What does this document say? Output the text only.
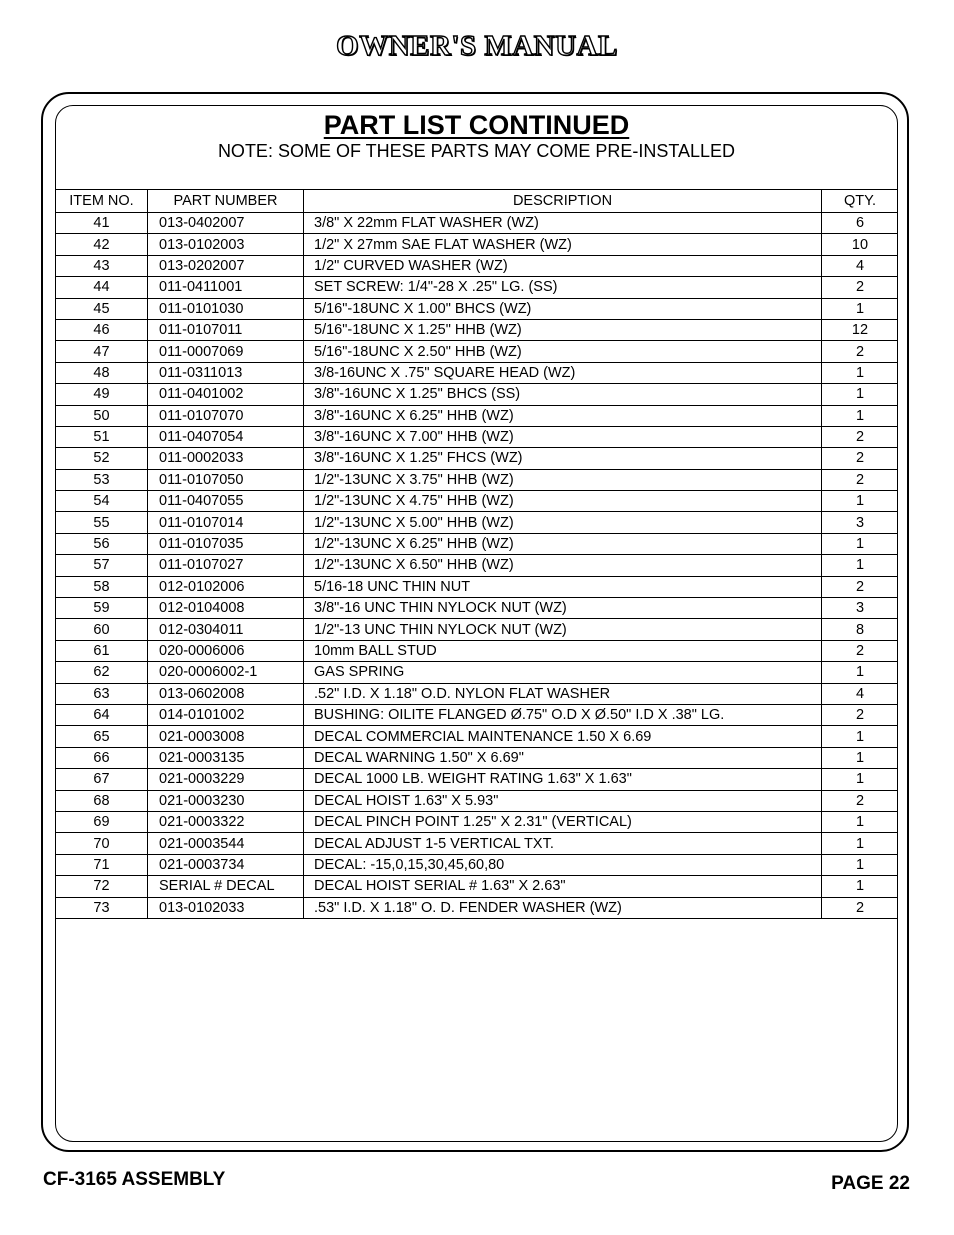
OWNER'S MANUAL
PART LIST CONTINUED
NOTE: SOME OF THESE PARTS MAY COME PRE-INSTALLED
ITEM NO.	PART NUMBER	DESCRIPTION	QTY.
41	013-0402007	3/8" X 22mm FLAT WASHER (WZ)	6
42	013-0102003	1/2" X 27mm SAE FLAT WASHER (WZ)	10
43	013-0202007	1/2" CURVED WASHER (WZ)	4
44	011-0411001	SET SCREW: 1/4"-28 X .25" LG. (SS)	2
45	011-0101030	5/16"-18UNC X 1.00" BHCS (WZ)	1
46	011-0107011	5/16"-18UNC X 1.25" HHB (WZ)	12
47	011-0007069	5/16"-18UNC X 2.50" HHB (WZ)	2
48	011-0311013	3/8-16UNC X .75" SQUARE HEAD (WZ)	1
49	011-0401002	3/8"-16UNC X 1.25" BHCS (SS)	1
50	011-0107070	3/8"-16UNC X 6.25" HHB (WZ)	1
51	011-0407054	3/8"-16UNC X 7.00" HHB (WZ)	2
52	011-0002033	3/8"-16UNC X 1.25" FHCS (WZ)	2
53	011-0107050	1/2"-13UNC X 3.75" HHB (WZ)	2
54	011-0407055	1/2"-13UNC X 4.75" HHB (WZ)	1
55	011-0107014	1/2"-13UNC X 5.00" HHB (WZ)	3
56	011-0107035	1/2"-13UNC X 6.25" HHB (WZ)	1
57	011-0107027	1/2"-13UNC X 6.50" HHB (WZ)	1
58	012-0102006	5/16-18 UNC THIN NUT	2
59	012-0104008	3/8"-16 UNC THIN NYLOCK NUT (WZ)	3
60	012-0304011	1/2"-13 UNC THIN NYLOCK NUT (WZ)	8
61	020-0006006	10mm BALL STUD	2
62	020-0006002-1	GAS SPRING	1
63	013-0602008	.52" I.D. X 1.18" O.D. NYLON FLAT WASHER	4
64	014-0101002	BUSHING: OILITE FLANGED Ø.75" O.D X Ø.50" I.D X .38" LG.	2
65	021-0003008	DECAL COMMERCIAL MAINTENANCE 1.50 X 6.69	1
66	021-0003135	DECAL WARNING 1.50" X 6.69"	1
67	021-0003229	DECAL 1000 LB. WEIGHT RATING 1.63" X 1.63"	1
68	021-0003230	DECAL HOIST 1.63" X 5.93"	2
69	021-0003322	DECAL PINCH POINT 1.25" X 2.31" (VERTICAL)	1
70	021-0003544	DECAL ADJUST 1-5 VERTICAL TXT.	1
71	021-0003734	DECAL: -15,0,15,30,45,60,80	1
72	SERIAL # DECAL	DECAL HOIST SERIAL # 1.63" X 2.63"	1
73	013-0102033	.53" I.D. X 1.18" O. D. FENDER WASHER (WZ)	2
CF-3165 ASSEMBLY	PAGE 22
